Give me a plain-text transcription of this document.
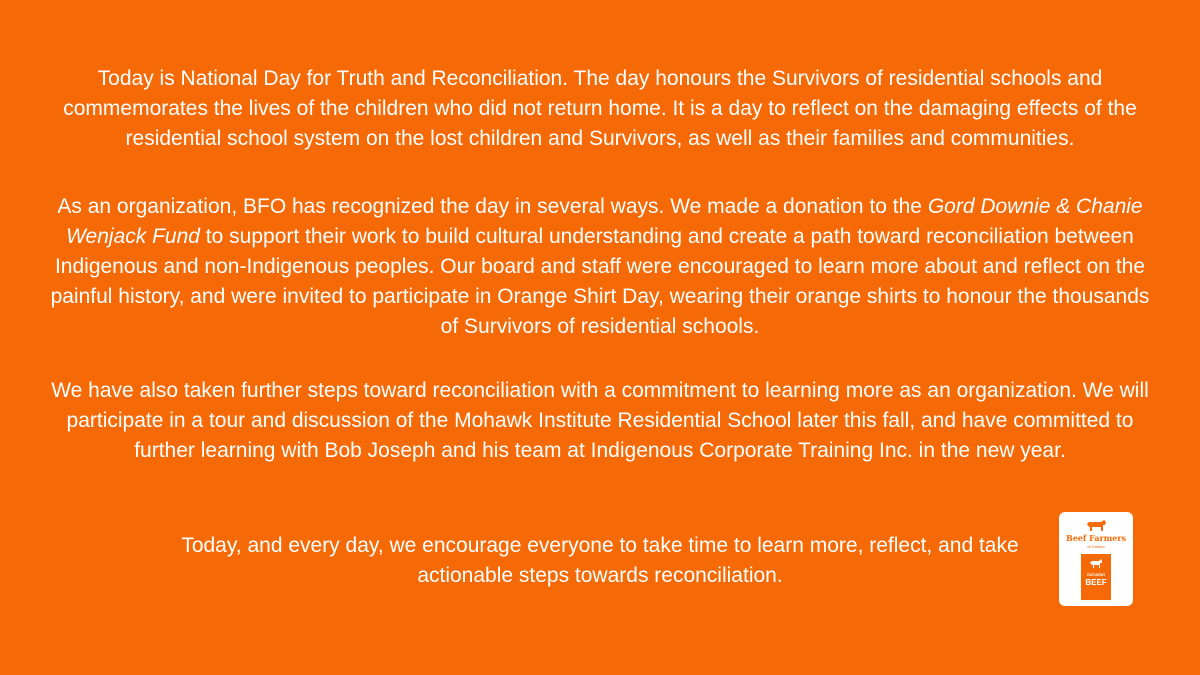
Today is National Day for Truth and Reconciliation. The day honours the Survivors of residential schools and commemorates the lives of the children who did not return home. It is a day to reflect on the damaging effects of the residential school system on the lost children and Survivors, as well as their families and communities.

As an organization, BFO has recognized the day in several ways. We made a donation to the Gord Downie & Chanie Wenjack Fund to support their work to build cultural understanding and create a path toward reconciliation between Indigenous and non-Indigenous peoples. Our board and staff were encouraged to learn more about and reflect on the painful history, and were invited to participate in Orange Shirt Day, wearing their orange shirts to honour the thousands of Survivors of residential schools.

We have also taken further steps toward reconciliation with a commitment to learning more as an organization. We will participate in a tour and discussion of the Mohawk Institute Residential School later this fall, and have committed to further learning with Bob Joseph and his team at Indigenous Corporate Training Inc. in the new year.

Today, and every day, we encourage everyone to take time to learn more, reflect, and take actionable steps towards reconciliation.

Beef Farmers
of Ontario
ONTARIO
BEEF
